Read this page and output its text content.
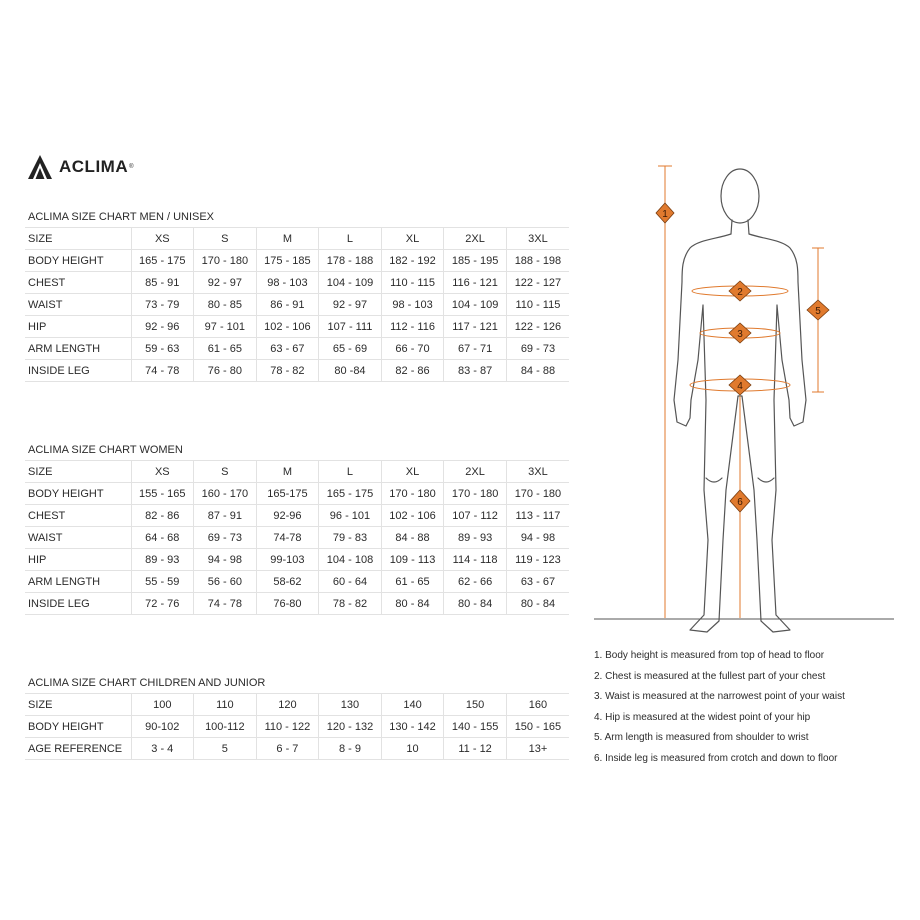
ACLIMA ®
ACLIMA SIZE CHART MEN / UNISEX							
SIZE	XS	S	M	L	XL	2XL	3XL
BODY HEIGHT	165 - 175	170 - 180	175 - 185	178 - 188	182 - 192	185 - 195	188 - 198
CHEST	85 - 91	92 - 97	98 - 103	104 - 109	110 - 115	116 - 121	122 - 127
WAIST	73 - 79	80 - 85	86 - 91	92 - 97	98 - 103	104 - 109	110 - 115
HIP	92 - 96	97 - 101	102 - 106	107 - 111	112 - 116	117 - 121	122 - 126
ARM LENGTH	59 - 63	61 - 65	63 - 67	65 - 69	66 - 70	67 - 71	69 - 73
INSIDE LEG	74 - 78	76 - 80	78 - 82	80 -84	82 - 86	83 - 87	84 - 88
ACLIMA SIZE CHART WOMEN							
SIZE	XS	S	M	L	XL	2XL	3XL
BODY HEIGHT	155 - 165	160 - 170	165-175	165 - 175	170 - 180	170 - 180	170 - 180
CHEST	82 - 86	87 - 91	92-96	96 - 101	102 - 106	107 - 112	113 - 117
WAIST	64 - 68	69 - 73	74-78	79 - 83	84 - 88	89 - 93	94 - 98
HIP	89 - 93	94 - 98	99-103	104 - 108	109 - 113	114 - 118	119 - 123
ARM LENGTH	55 - 59	56 - 60	58-62	60 - 64	61 - 65	62 - 66	63 - 67
INSIDE LEG	72 - 76	74 - 78	76-80	78 - 82	80 - 84	80 - 84	80 - 84
ACLIMA SIZE CHART CHILDREN AND JUNIOR							
SIZE	100	110	120	130	140	150	160
BODY HEIGHT	90-102	100-112	110 - 122	120 - 132	130 - 142	140 - 155	150 - 165
AGE REFERENCE	3 - 4	5	6 - 7	8 - 9	10	11 - 12	13+
1
2
3
4
5
6
1. Body height is measured from top of head to floor
2. Chest is measured at the fullest part of your chest
3. Waist is measured at the narrowest point of your waist
4. Hip is measured at the widest point of your hip
5. Arm length is measured from shoulder to wrist
6. Inside leg is measured from crotch and down to floor
